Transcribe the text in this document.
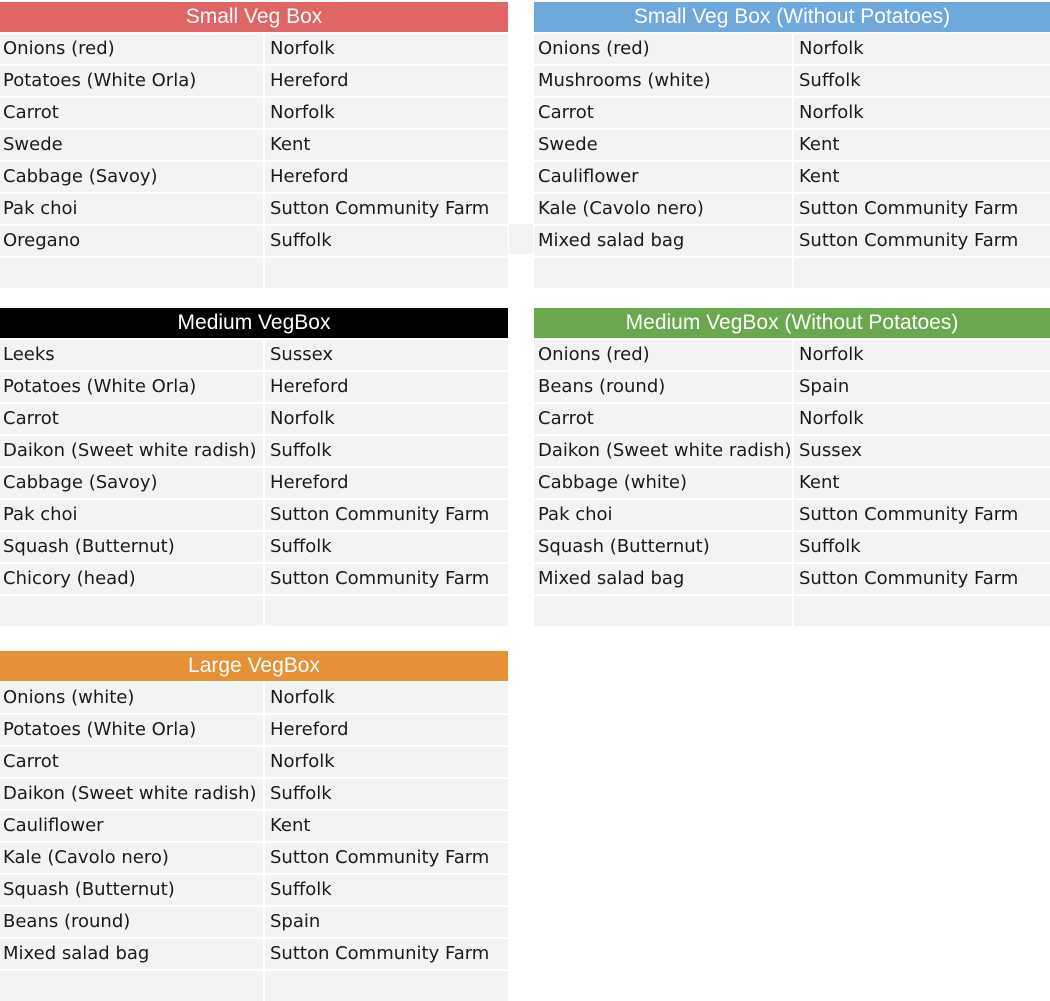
Small Veg Box
Onions (red)	Norfolk
Potatoes (White Orla)	Hereford
Carrot	Norfolk
Swede	Kent
Cabbage (Savoy)	Hereford
Pak choi	Sutton Community Farm
Oregano	Suffolk
Small Veg Box (Without Potatoes)
Onions (red)	Norfolk
Mushrooms (white)	Suffolk
Carrot	Norfolk
Swede	Kent
Cauliflower	Kent
Kale (Cavolo nero)	Sutton Community Farm
Mixed salad bag	Sutton Community Farm
Medium VegBox
Leeks	Sussex
Potatoes (White Orla)	Hereford
Carrot	Norfolk
Daikon (Sweet white radish) Suffolk
Cabbage (Savoy)	Hereford
Pak choi	Sutton Community Farm
Squash (Butternut)	Suffolk
Chicory (head)	Sutton Community Farm
Medium VegBox (Without Potatoes)
Onions (red)	Norfolk
Beans (round)	Spain
Carrot	Norfolk
Daikon (Sweet white radish) Sussex
Cabbage (white)	Kent
Pak choi	Sutton Community Farm
Squash (Butternut)	Suffolk
Mixed salad bag	Sutton Community Farm
Large VegBox
Onions (white)	Norfolk
Potatoes (White Orla)	Hereford
Carrot	Norfolk
Daikon (Sweet white radish) Suffolk
Cauliflower	Kent
Kale (Cavolo nero)	Sutton Community Farm
Squash (Butternut)	Suffolk
Beans (round)	Spain
Mixed salad bag	Sutton Community Farm
